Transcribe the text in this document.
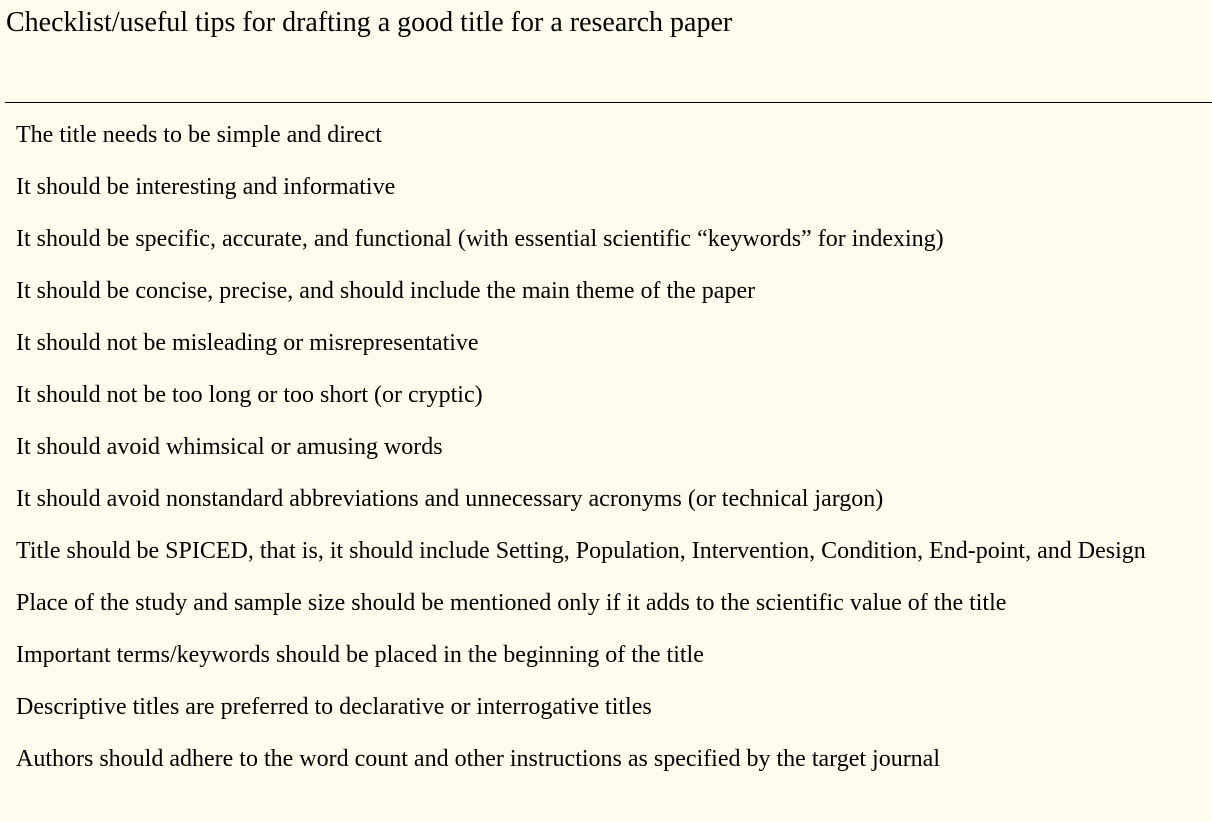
Checklist/useful tips for drafting a good title for a research paper
The title needs to be simple and direct
It should be interesting and informative
It should be specific, accurate, and functional (with essential scientific “keywords” for indexing)
It should be concise, precise, and should include the main theme of the paper
It should not be misleading or misrepresentative
It should not be too long or too short (or cryptic)
It should avoid whimsical or amusing words
It should avoid nonstandard abbreviations and unnecessary acronyms (or technical jargon)
Title should be SPICED, that is, it should include Setting, Population, Intervention, Condition, End-point, and Design
Place of the study and sample size should be mentioned only if it adds to the scientific value of the title
Important terms/keywords should be placed in the beginning of the title
Descriptive titles are preferred to declarative or interrogative titles
Authors should adhere to the word count and other instructions as specified by the target journal
